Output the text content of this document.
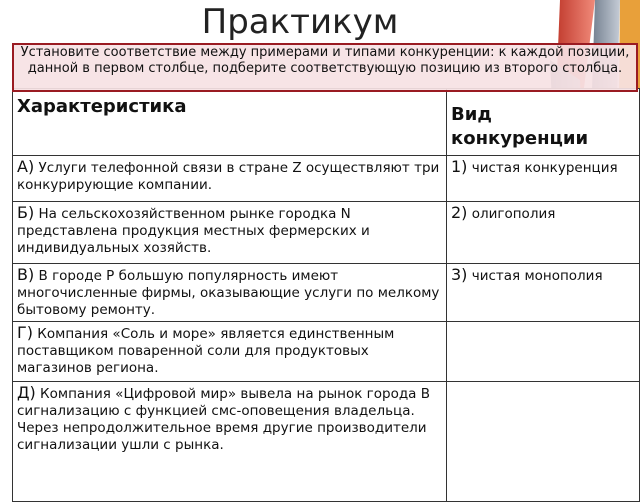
Практикум
Установите соответствие между примерами и типами конкуренции: к каждой позиции, данной в первом столбце, подберите соответствующую позицию из второго столбца.
Характеристика	Вид конкуренции
А) Услуги телефонной связи в стране Z осуществляют три конкурирующие компании.	1) чистая конкуренция
Б) На сельскохозяйственном рынке городка N представлена продукция местных фермерских и индивидуальных хозяйств.	2) олигополия
В) В городе P большую популярность имеют многочисленные фирмы, оказывающие услуги по мелкому бытовому ремонту.	3) чистая монополия
Г) Компания «Соль и море» является единственным поставщиком поваренной соли для продуктовых магазинов региона.	
Д) Компания «Цифровой мир» вывела на рынок города В сигнализацию с функцией смс-оповещения владельца. Через непродолжительное время другие производители сигнализации ушли с рынка.	
